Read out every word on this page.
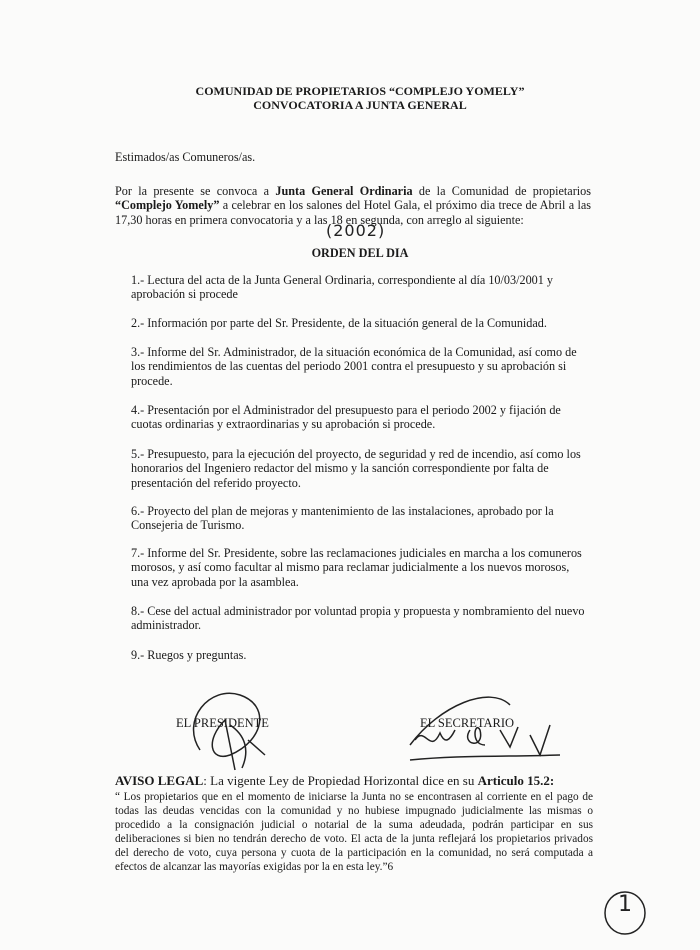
COMUNIDAD DE PROPIETARIOS “COMPLEJO YOMELY”
CONVOCATORIA A JUNTA GENERAL
Estimados/as Comuneros/as.
Por la presente se convoca a Junta General Ordinaria de la Comunidad de propietarios “Complejo Yomely” a celebrar en los salones del Hotel Gala, el próximo dia trece de Abril a las 17,30 horas en primera convocatoria y a las 18 en segunda, con arreglo al siguiente:
(2002)
ORDEN DEL DIA
1.- Lectura del acta de la Junta General Ordinaria, correspondiente al día 10/03/2001 y aprobación si procede
2.- Información por parte del Sr. Presidente, de la situación general de la Comunidad.
3.- Informe del Sr. Administrador, de la situación económica de la Comunidad, así como de los rendimientos de las cuentas del periodo 2001 contra el presupuesto y su aprobación si procede.
4.- Presentación por el Administrador del presupuesto para el periodo 2002 y fijación de cuotas ordinarias y extraordinarias y su aprobación si procede.
5.- Presupuesto, para la ejecución del proyecto, de seguridad y red de incendio, así como los honorarios del Ingeniero redactor del mismo y la sanción correspondiente por falta de presentación del referido proyecto.
6.- Proyecto del plan de mejoras y mantenimiento de las instalaciones, aprobado por la Consejeria de Turismo.
7.- Informe del Sr. Presidente, sobre las reclamaciones judiciales en marcha a los comuneros morosos, y así como facultar al mismo para reclamar judicialmente a los nuevos morosos, una vez aprobada por la asamblea.
8.- Cese del actual administrador por voluntad propia y propuesta y nombramiento del nuevo administrador.
9.- Ruegos y preguntas.
EL PRESIDENTE	EL SECRETARIO
AVISO LEGAL: La vigente Ley de Propiedad Horizontal dice en su Articulo 15.2:
“ Los propietarios que en el momento de iniciarse la Junta no se encontrasen al corriente en el pago de todas las deudas vencidas con la comunidad y no hubiese impugnado judicialmente las mismas o procedido a la consignación judicial o notarial de la suma adeudada, podrán participar en sus deliberaciones si bien no tendrán derecho de voto. El acta de la junta reflejará los propietarios privados del derecho de voto, cuya persona y cuota de la participación en la comunidad, no será computada a efectos de alcanzar las mayorías exigidas por la en esta ley.”6
1
